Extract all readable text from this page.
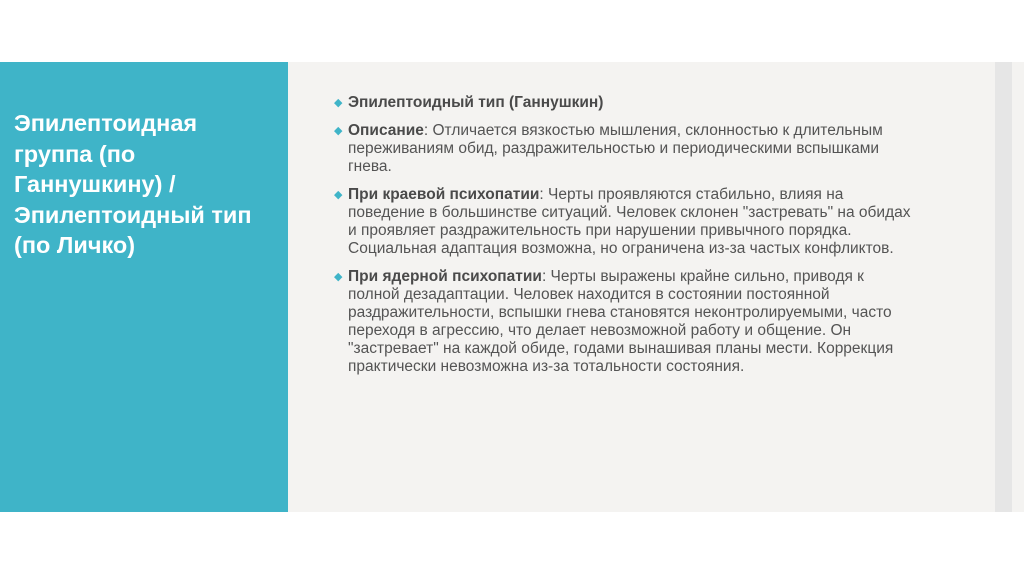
Эпилептоидная группа (по Ганнушкину) / Эпилептоидный тип (по Личко)
◆ Эпилептоидный тип (Ганнушкин)
◆ Описание: Отличается вязкостью мышления, склонностью к длительным переживаниям обид, раздражительностью и периодическими вспышками гнева.
◆ При краевой психопатии: Черты проявляются стабильно, влияя на поведение в большинстве ситуаций. Человек склонен "застревать" на обидах и проявляет раздражительность при нарушении привычного порядка. Социальная адаптация возможна, но ограничена из-за частых конфликтов.
◆ При ядерной психопатии: Черты выражены крайне сильно, приводя к полной дезадаптации. Человек находится в состоянии постоянной раздражительности, вспышки гнева становятся неконтролируемыми, часто переходя в агрессию, что делает невозможной работу и общение. Он "застревает" на каждой обиде, годами вынашивая планы мести. Коррекция практически невозможна из-за тотальности состояния.
